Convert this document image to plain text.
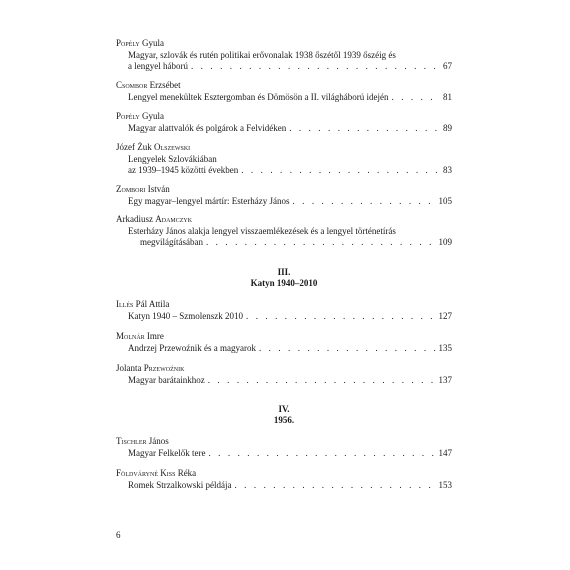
Popély Gyula
Magyar, szlovák és rutén politikai erővonalak 1938 őszétől 1939 őszéig és
a lengyel háború . . .	67
Csombor Erzsébet
Lengyel menekültek Esztergomban és Dömösön a II. világháború idején . . .	81
Popély Gyula
Magyar alattvalók és polgárok a Felvidéken . . .	89
Józef Żuk Olszewski
Lengyelek Szlovákiában
az 1939–1945 közötti években . . .	83
Zombori István
Egy magyar–lengyel mártír: Esterházy János . . .	105
Arkadiusz Adamczyk
Esterházy János alakja lengyel visszaemlékezések és a lengyel történetírás
megvilágításában . . .	109
III.
Katyn 1940–2010
Illés Pál Attila
Katyn 1940 – Szmolenszk 2010 . . .	127
Molnár Imre
Andrzej Przewoźnik és a magyarok . . .	135
Jolanta Przewoźnik
Magyar barátainkhoz . . .	137
IV.
1956.
Tischler János
Magyar Felkelők tere . . .	147
Földváryné Kiss Réka
Romek Strzalkowski példája . . .	153
6
